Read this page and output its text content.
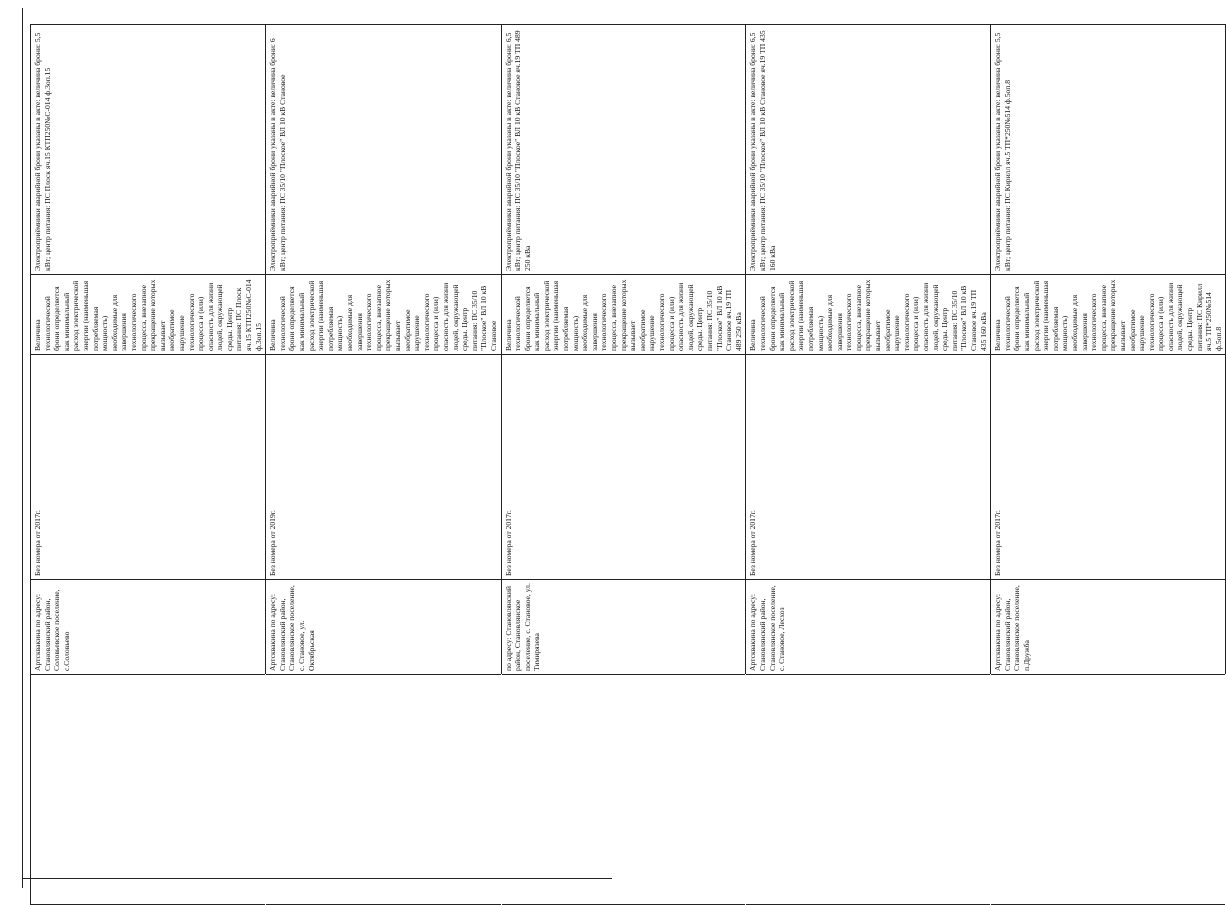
	Артсквакина по адресу: Становлянский район, Соловьевское поселение, с.Соловьево	Без номера от 2017г.	Величина технологической брони определяется как минимальный расход электрической энергии (наименьшая потребляемая мощность) необходимые для завершения технологического процесса, внезапное прекращение которых вызывает необратимое нарушение технологического процесса и (или) опасность для жизни людей, окружающей среды. Центр питания: ПС Плоск яч.15 КТП250№С-014 ф.3оп.15	Электроприёмники аварийной брони указаны в акте: величина брони: 5,5 кВт; центр питания: ПС Плоск яч.15 КТП250№С-014 ф.3оп.15
	Артсквакина по адресу: Становлянский район, Становлянское поселение, с. Становое, ул. Октябрьская	Без номера от 2019г.	Величина технологической брони определяется как минимальный расход электрической энергии (наименьшая потребляемая мощность) необходимые для завершения технологического процесса, внезапное прекращение которых вызывает необратимое нарушение технологического процесса и (или) опасность для жизни людей, окружающей среды. Центр питания: ПС 35/10 "Плоское" ВЛ 10 кВ Становое	Электроприёмники аварийной брони указаны в акте: величина брони: 6 кВт; центр питания: ПС 35/10 "Плоское" ВЛ 10 кВ Становое
	по адресу: Становлянский район, Становлянское поселение, с. Становое, ул. Тимирязева	Без номера от 2017г.	Величина технологической брони определяется как минимальный расход электрической энергии (наименьшая потребляемая мощность) необходимые для завершения технологического процесса, внезапное прекращение которых вызывает необратимое нарушение технологического процесса и (или) опасность для жизни людей, окружающей среды. Центр питания: ПС 35/10 "Плоское" ВЛ 10 кВ Становое яч.19 ТП 489 250 кВа	Электроприёмники аварийной брони указаны в акте: величина брони: 6,5 кВт; центр питания: ПС 35/10 "Плоское" ВЛ 10 кВ Становое яч.19 ТП 489 250 кВа
	Артсквакина по адресу: Становлянский район, Становлянское поселение, с. Становое, Лесхоз	Без номера от 2017г.	Величина технологической брони определяется как минимальный расход электрической энергии (наименьшая потребляемая мощность) необходимые для завершения технологического процесса, внезапное прекращение которых вызывает необратимое нарушение технологического процесса и (или) опасность для жизни людей, окружающей среды. Центр питания: ПС 35/10 "Плоское" ВЛ 10 кВ Становое яч.19 ТП 435 160 кВа	Электроприёмники аварийной брони указаны в акте: величина брони: 6,5 кВт; центр питания: ПС 35/10 "Плоское" ВЛ 10 кВ Становое яч.19 ТП 435 160 кВа
	Артсквакина по адресу: Становлянский район, Становлянское поселение, п.Дружба	Без номера от 2017г.	Величина технологической брони определяется как минимальный расход электрической энергии (наименьшая потребляемая мощность) необходимые для завершения технологического процесса, внезапное прекращение которых вызывает необратимое нарушение технологического процесса и (или) опасность для жизни людей, окружающей среды. Центр питания: ПС Кирилл яч.5 ТП*250№514 ф.5оп.8	Электроприёмники аварийной брони указаны в акте: величина брони: 5,5 кВт; центр питания: ПС Кирилл яч.5 ТП*250№514 ф.5оп.8
